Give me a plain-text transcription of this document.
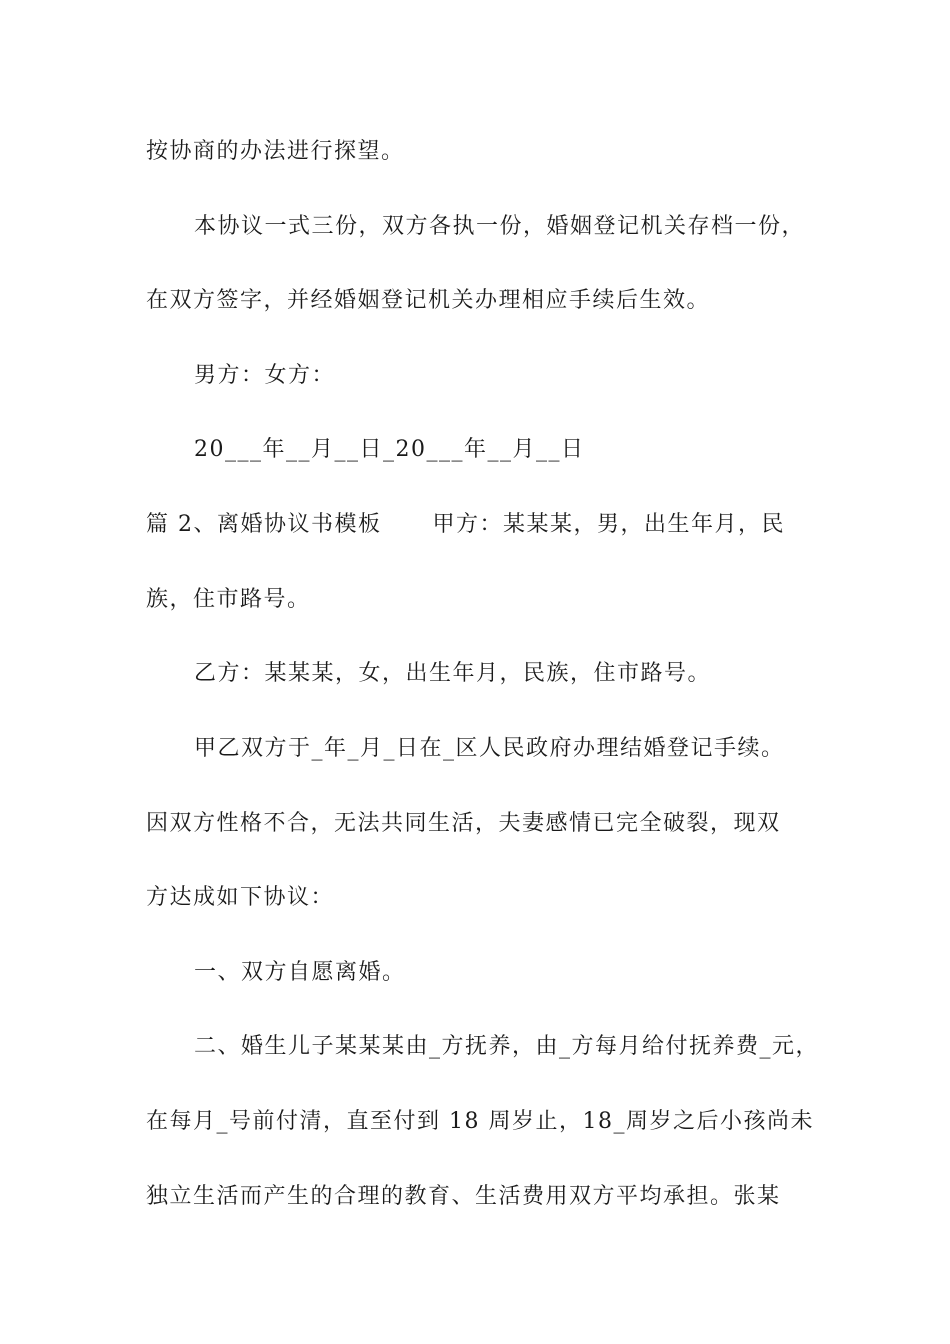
按协商的办法进行探望。
本协议一式三份，双方各执一份，婚姻登记机关存档一份，
在双方签字，并经婚姻登记机关办理相应手续后生效。
男方：女方：
20___年__月__日_20___年__月__日
篇 2、离婚协议书模板      甲方：某某某，男，出生年月，民
族，住市路号。
乙方：某某某，女，出生年月，民族，住市路号。
甲乙双方于_年_月_日在_区人民政府办理结婚登记手续。
因双方性格不合，无法共同生活，夫妻感情已完全破裂，现双
方达成如下协议：
一、双方自愿离婚。
二、婚生儿子某某某由_方抚养，由_方每月给付抚养费_元，
在每月_号前付清，直至付到 18 周岁止，18_周岁之后小孩尚未
独立生活而产生的合理的教育、生活费用双方平均承担。张某
